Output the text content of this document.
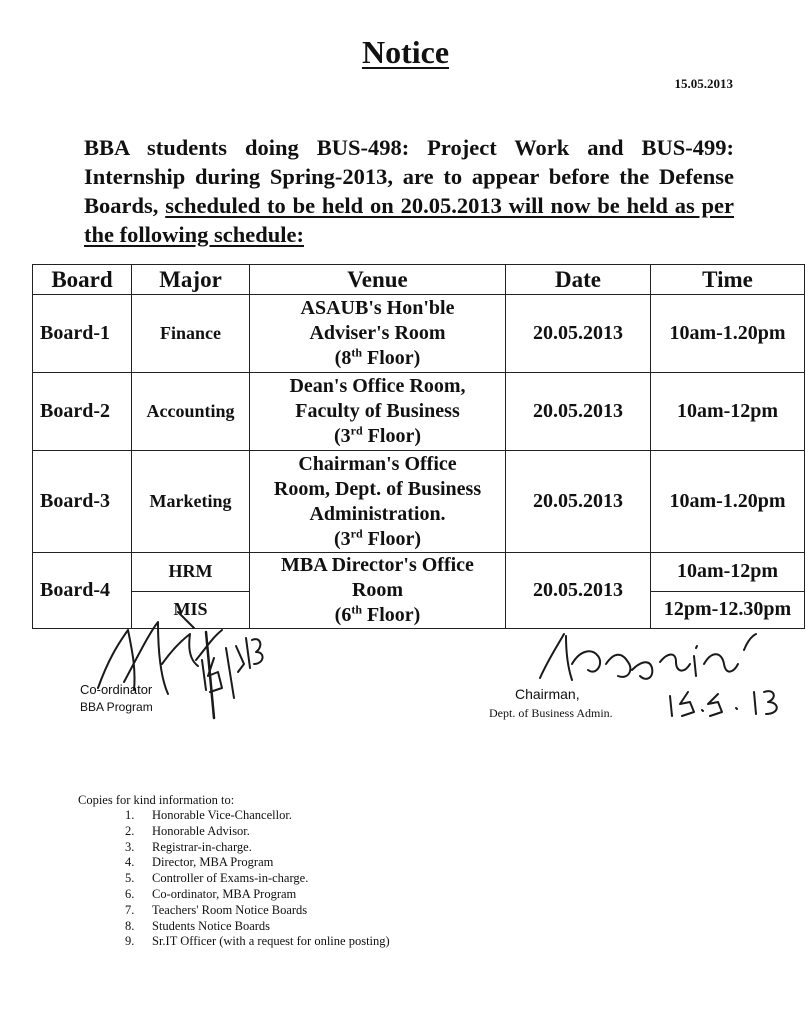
Notice
15.05.2013
BBA students doing BUS-498: Project Work and BUS-499: Internship during Spring-2013, are to appear before the Defense Boards, scheduled to be held on 20.05.2013 will now be held as per the following schedule:
Board	Major	Venue	Date	Time
Board-1	Finance	ASAUB's Hon'ble
Adviser's Room
(8th Floor)	20.05.2013	10am-1.20pm
Board-2	Accounting	Dean's Office Room,
Faculty of Business
(3rd Floor)	20.05.2013	10am-12pm
Board-3	Marketing	Chairman's Office
Room, Dept. of Business
Administration.
(3rd Floor)	20.05.2013	10am-1.20pm
Board-4	HRM	MBA Director's Office
Room
(6th Floor)	20.05.2013	10am-12pm
	MIS			12pm-12.30pm
Co-ordinator
BBA Program
Chairman,
Dept. of Business Admin.
Copies for kind information to:
1. Honorable Vice-Chancellor.
2. Honorable Advisor.
3. Registrar-in-charge.
4. Director, MBA Program
5. Controller of Exams-in-charge.
6. Co-ordinator, MBA Program
7. Teachers' Room Notice Boards
8. Students Notice Boards
9. Sr.IT Officer (with a request for online posting)
